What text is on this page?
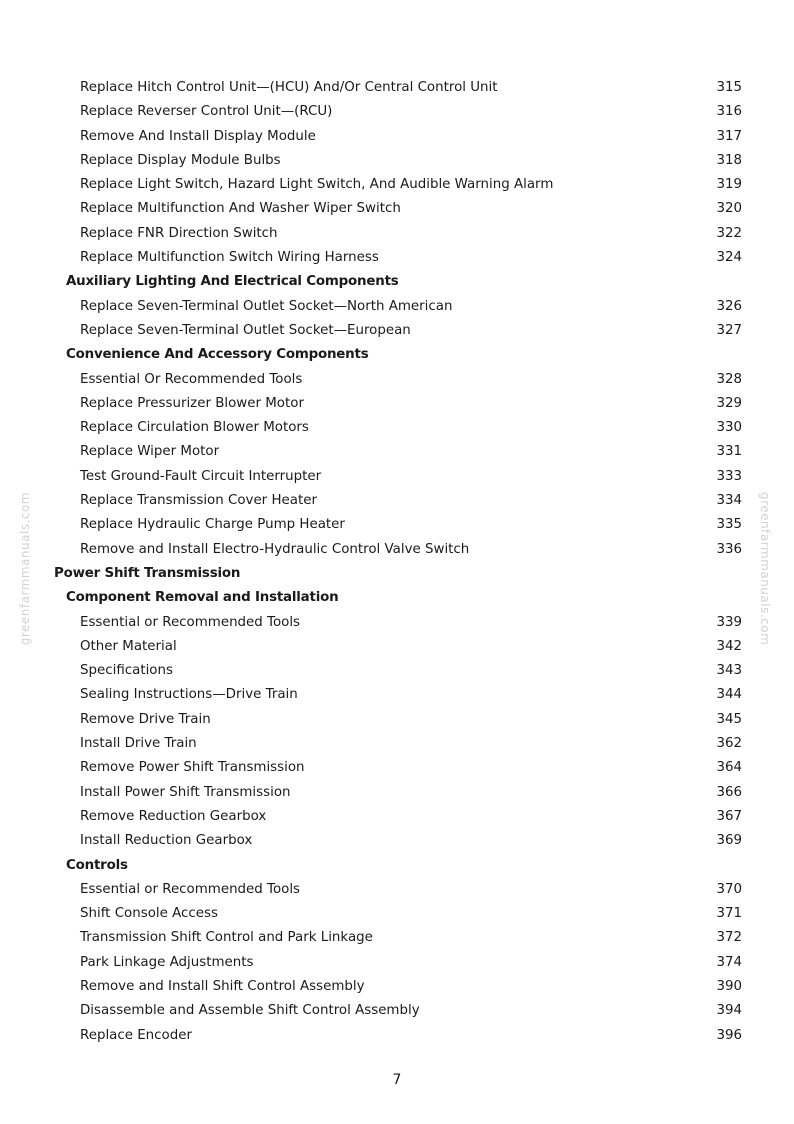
Replace Hitch Control Unit—(HCU) And/Or Central Control Unit	315
Replace Reverser Control Unit—(RCU)	316
Remove And Install Display Module	317
Replace Display Module Bulbs	318
Replace Light Switch, Hazard Light Switch, And Audible Warning Alarm	319
Replace Multifunction And Washer Wiper Switch	320
Replace FNR Direction Switch	322
Replace Multifunction Switch Wiring Harness	324
Auxiliary Lighting And Electrical Components
Replace Seven-Terminal Outlet Socket—North American	326
Replace Seven-Terminal Outlet Socket—European	327
Convenience And Accessory Components
Essential Or Recommended Tools	328
Replace Pressurizer Blower Motor	329
Replace Circulation Blower Motors	330
Replace Wiper Motor	331
Test Ground-Fault Circuit Interrupter	333
Replace Transmission Cover Heater	334
Replace Hydraulic Charge Pump Heater	335
Remove and Install Electro-Hydraulic Control Valve Switch	336
Power Shift Transmission
Component Removal and Installation
Essential or Recommended Tools	339
Other Material	342
Specifications	343
Sealing Instructions—Drive Train	344
Remove Drive Train	345
Install Drive Train	362
Remove Power Shift Transmission	364
Install Power Shift Transmission	366
Remove Reduction Gearbox	367
Install Reduction Gearbox	369
Controls
Essential or Recommended Tools	370
Shift Console Access	371
Transmission Shift Control and Park Linkage	372
Park Linkage Adjustments	374
Remove and Install Shift Control Assembly	390
Disassemble and Assemble Shift Control Assembly	394
Replace Encoder	396
greenfarmmanuals.com	greenfarmmanuals.com
7
